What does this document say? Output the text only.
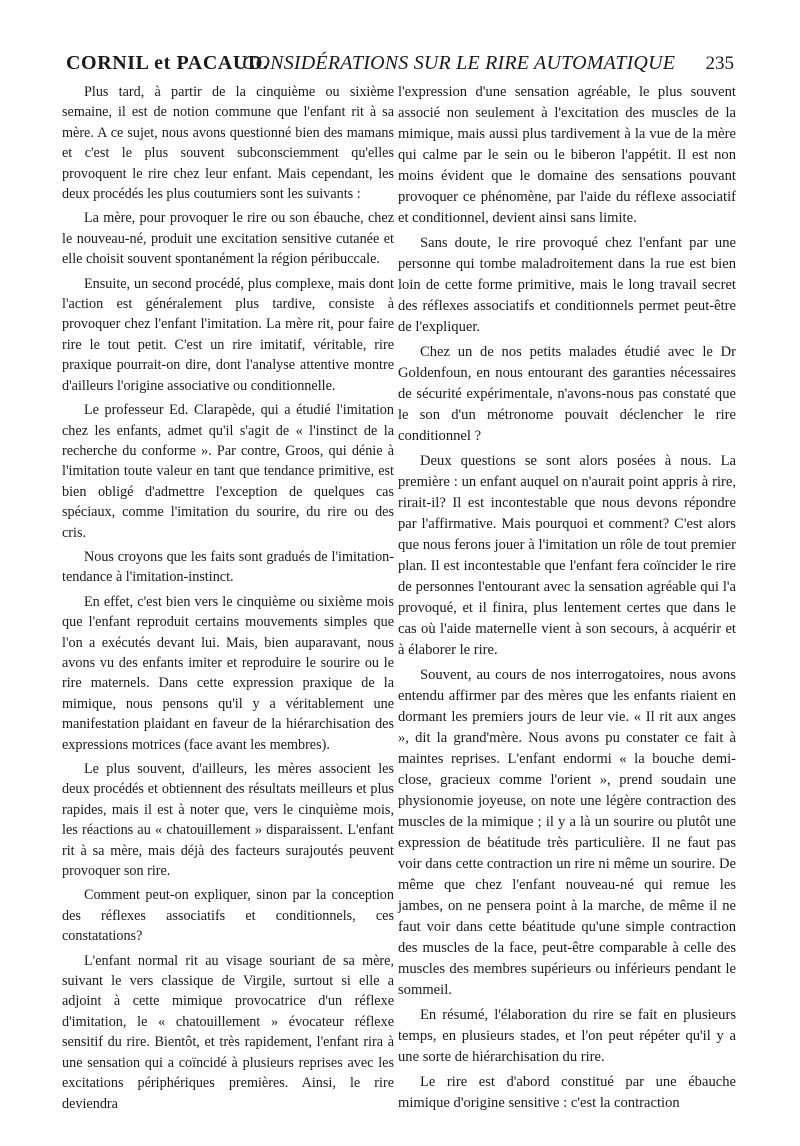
CORNIL et PACAUD.
CONSIDÉRATIONS SUR LE RIRE AUTOMATIQUE 235

Plus tard, à partir de la cinquième ou sixième semaine, il est de notion commune que l'enfant rit à sa mère. A ce sujet, nous avons questionné bien des mamans et c'est le plus souvent subconsciemment qu'elles provoquent le rire chez leur enfant. Mais cependant, les deux procédés les plus coutumiers sont les suivants :

La mère, pour provoquer le rire ou son ébauche, chez le nouveau-né, produit une excitation sensitive cutanée et elle choisit souvent spontanément la région péribuccale.

Ensuite, un second procédé, plus complexe, mais dont l'action est généralement plus tardive, consiste à provoquer chez l'enfant l'imitation. La mère rit, pour faire rire le tout petit. C'est un rire imitatif, véritable, rire praxique pourrait-on dire, dont l'analyse attentive montre d'ailleurs l'origine associative ou conditionnelle.

Le professeur Ed. Clarapède, qui a étudié l'imitation chez les enfants, admet qu'il s'agit de « l'instinct de la recherche du conforme ». Par contre, Groos, qui dénie à l'imitation toute valeur en tant que tendance primitive, est bien obligé d'admettre l'exception de quelques cas spéciaux, comme l'imitation du sourire, du rire ou des cris.

Nous croyons que les faits sont gradués de l'imitation-tendance à l'imitation-instinct.

En effet, c'est bien vers le cinquième ou sixième mois que l'enfant reproduit certains mouvements simples que l'on a exécutés devant lui. Mais, bien auparavant, nous avons vu des enfants imiter et reproduire le sourire ou le rire maternels. Dans cette expression praxique de la mimique, nous pensons qu'il y a véritablement une manifestation plaidant en faveur de la hiérarchisation des expressions motrices (face avant les membres).

Le plus souvent, d'ailleurs, les mères associent les deux procédés et obtiennent des résultats meilleurs et plus rapides, mais il est à noter que, vers le cinquième mois, les réactions au « chatouillement » disparaissent. L'enfant rit à sa mère, mais déjà des facteurs surajoutés peuvent provoquer son rire.

Comment peut-on expliquer, sinon par la conception des réflexes associatifs et conditionnels, ces constatations?

L'enfant normal rit au visage souriant de sa mère, suivant le vers classique de Virgile, surtout si elle a adjoint à cette mimique provocatrice d'un réflexe d'imitation, le « chatouillement » évocateur réflexe sensitif du rire. Bientôt, et très rapidement, l'enfant rira à une sensation qui a coïncidé à plusieurs reprises avec les excitations périphériques premières. Ainsi, le rire deviendra

l'expression d'une sensation agréable, le plus souvent associé non seulement à l'excitation des muscles de la mimique, mais aussi plus tardivement à la vue de la mère qui calme par le sein ou le biberon l'appétit. Il est non moins évident que le domaine des sensations pouvant provoquer ce phénomène, par l'aide du réflexe associatif et conditionnel, devient ainsi sans limite.

Sans doute, le rire provoqué chez l'enfant par une personne qui tombe maladroitement dans la rue est bien loin de cette forme primitive, mais le long travail secret des réflexes associatifs et conditionnels permet peut-être de l'expliquer.

Chez un de nos petits malades étudié avec le Dr Goldenfoun, en nous entourant des garanties nécessaires de sécurité expérimentale, n'avons-nous pas constaté que le son d'un métronome pouvait déclencher le rire conditionnel ?

Deux questions se sont alors posées à nous. La première : un enfant auquel on n'aurait point appris à rire, rirait-il? Il est incontestable que nous devons répondre par l'affirmative. Mais pourquoi et comment? C'est alors que nous ferons jouer à l'imitation un rôle de tout premier plan. Il est incontestable que l'enfant fera coïncider le rire de personnes l'entourant avec la sensation agréable qui l'a provoqué, et il finira, plus lentement certes que dans le cas où l'aide maternelle vient à son secours, à acquérir et à élaborer le rire.

Souvent, au cours de nos interrogatoires, nous avons entendu affirmer par des mères que les enfants riaient en dormant les premiers jours de leur vie. « Il rit aux anges », dit la grand'mère. Nous avons pu constater ce fait à maintes reprises. L'enfant endormi « la bouche demi-close, gracieux comme l'orient », prend soudain une physionomie joyeuse, on note une légère contraction des muscles de la mimique ; il y a là un sourire ou plutôt une expression de béatitude très particulière. Il ne faut pas voir dans cette contraction un rire ni même un sourire. De même que chez l'enfant nouveau-né qui remue les jambes, on ne pensera point à la marche, de même il ne faut voir dans cette béatitude qu'une simple contraction des muscles de la face, peut-être comparable à celle des muscles des membres supérieurs ou inférieurs pendant le sommeil.

En résumé, l'élaboration du rire se fait en plusieurs temps, en plusieurs stades, et l'on peut répéter qu'il y a une sorte de hiérarchisation du rire.

Le rire est d'abord constitué par une ébauche mimique d'origine sensitive : c'est la contraction
